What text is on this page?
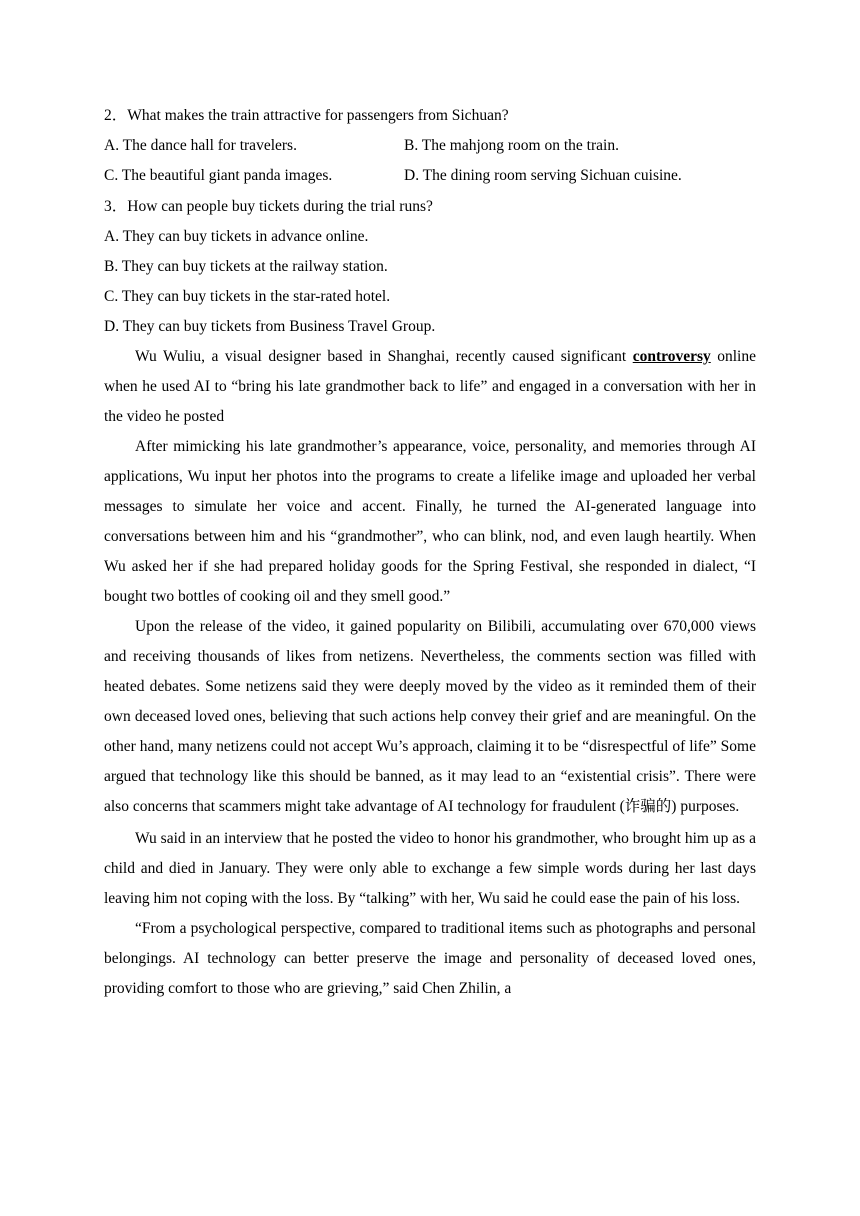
2．What makes the train attractive for passengers from Sichuan?
A. The dance hall for travelers.	B. The mahjong room on the train.
C. The beautiful giant panda images.	D. The dining room serving Sichuan cuisine.
3．How can people buy tickets during the trial runs?
A. They can buy tickets in advance online.
B. They can buy tickets at the railway station.
C. They can buy tickets in the star-rated hotel.
D. They can buy tickets from Business Travel Group.

Wu Wuliu, a visual designer based in Shanghai, recently caused significant controversy online when he used AI to “bring his late grandmother back to life” and engaged in a conversation with her in the video he posted

After mimicking his late grandmother’s appearance, voice, personality, and memories through AI applications, Wu input her photos into the programs to create a lifelike image and uploaded her verbal messages to simulate her voice and accent. Finally, he turned the AI-generated language into conversations between him and his “grandmother”, who can blink, nod, and even laugh heartily. When Wu asked her if she had prepared holiday goods for the Spring Festival, she responded in dialect, “I bought two bottles of cooking oil and they smell good.”

Upon the release of the video, it gained popularity on Bilibili, accumulating over 670,000 views and receiving thousands of likes from netizens. Nevertheless, the comments section was filled with heated debates. Some netizens said they were deeply moved by the video as it reminded them of their own deceased loved ones, believing that such actions help convey their grief and are meaningful. On the other hand, many netizens could not accept Wu’s approach, claiming it to be “disrespectful of life” Some argued that technology like this should be banned, as it may lead to an “existential crisis”. There were also concerns that scammers might take advantage of AI technology for fraudulent (诈骗的) purposes.

Wu said in an interview that he posted the video to honor his grandmother, who brought him up as a child and died in January. They were only able to exchange a few simple words during her last days leaving him not coping with the loss. By “talking” with her, Wu said he could ease the pain of his loss.

“From a psychological perspective, compared to traditional items such as photographs and personal belongings. AI technology can better preserve the image and personality of deceased loved ones, providing comfort to those who are grieving,” said Chen Zhilin, a
